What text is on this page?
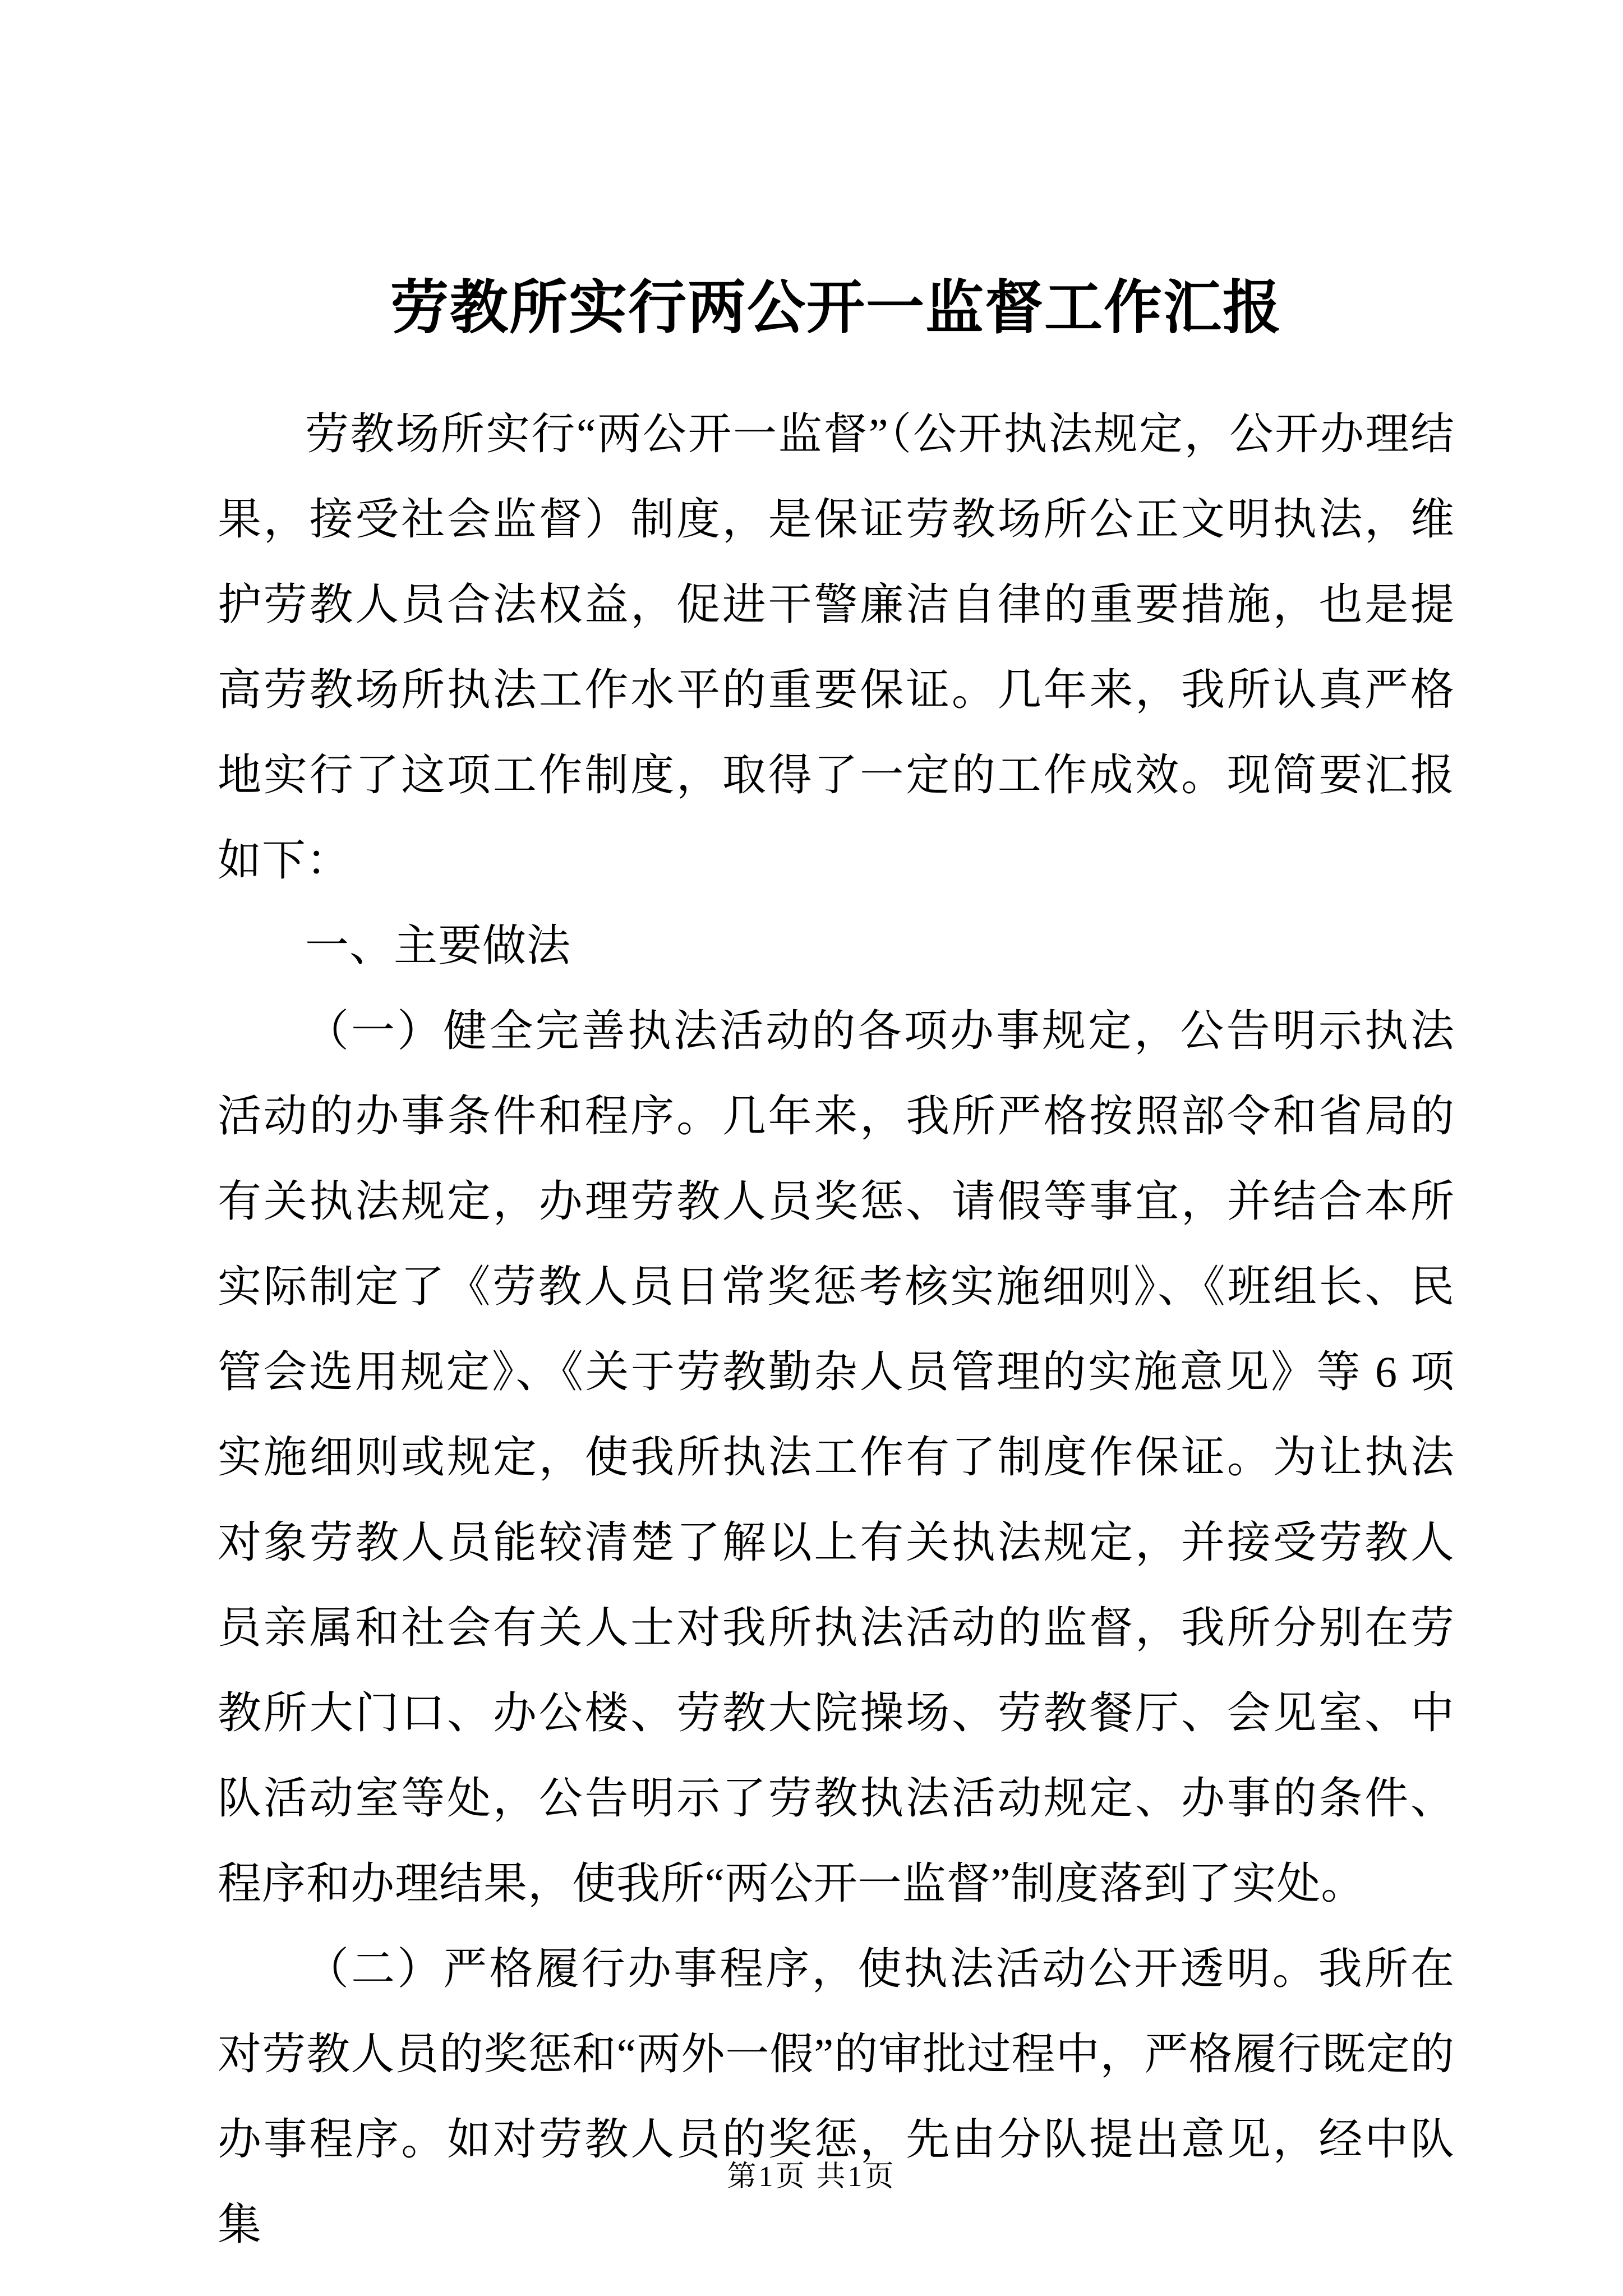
劳教所实行两公开一监督工作汇报

劳教场所实行“两公开一监督”（公开执法规定，公开办理结果，接受社会监督）制度，是保证劳教场所公正文明执法，维护劳教人员合法权益，促进干警廉洁自律的重要措施，也是提高劳教场所执法工作水平的重要保证。几年来，我所认真严格地实行了这项工作制度，取得了一定的工作成效。现简要汇报如下：

一、主要做法

（一）健全完善执法活动的各项办事规定，公告明示执法活动的办事条件和程序。几年来，我所严格按照部令和省局的有关执法规定，办理劳教人员奖惩、请假等事宜，并结合本所实际制定了《劳教人员日常奖惩考核实施细则》、《班组长、民管会选用规定》、《关于劳教勤杂人员管理的实施意见》等 6 项实施细则或规定，使我所执法工作有了制度作保证。为让执法对象劳教人员能较清楚了解以上有关执法规定，并接受劳教人员亲属和社会有关人士对我所执法活动的监督，我所分别在劳教所大门口、办公楼、劳教大院操场、劳教餐厅、会见室、中队活动室等处，公告明示了劳教执法活动规定、办事的条件、程序和办理结果，使我所“两公开一监督”制度落到了实处。

（二）严格履行办事程序，使执法活动公开透明。我所在对劳教人员的奖惩和“两外一假”的审批过程中，严格履行既定的办事程序。如对劳教人员的奖惩，先由分队提出意见，经中队集

第1页 共1页
